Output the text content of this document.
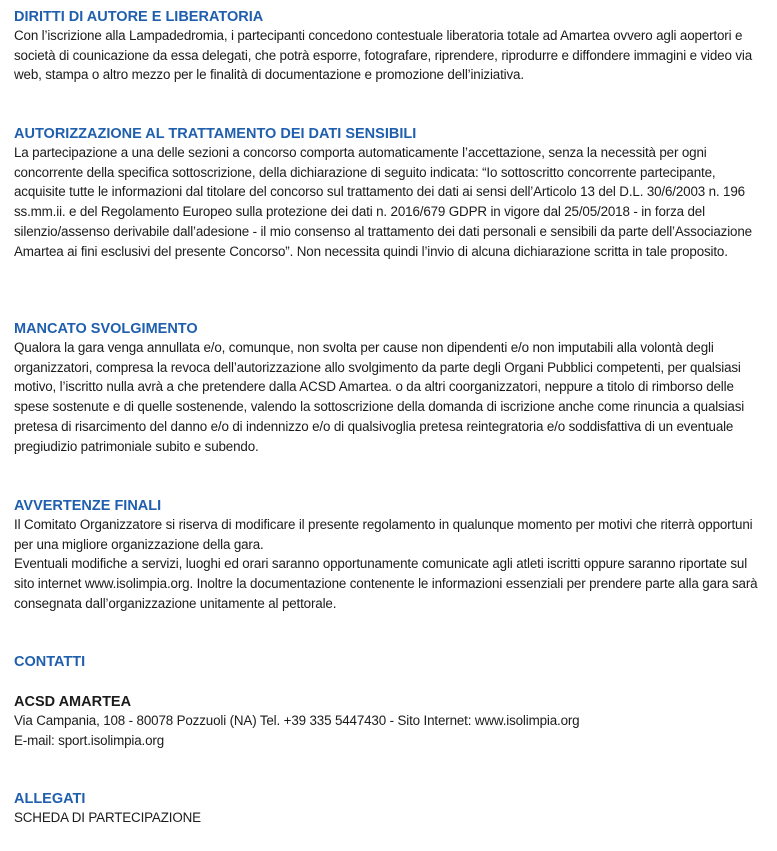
DIRITTI DI AUTORE E LIBERATORIA

Con l’iscrizione alla Lampadedromia, i partecipanti concedono contestuale liberatoria totale ad Amartea ovvero agli aopertori e società di counicazione da essa delegati, che potrà esporre, fotografare, riprendere, riprodurre e diffondere immagini e video via web, stampa o altro mezzo per le finalità di documentazione e promozione dell’iniziativa.

AUTORIZZAZIONE AL TRATTAMENTO DEI DATI SENSIBILI

La partecipazione a una delle sezioni a concorso comporta automaticamente l’accettazione, senza la necessità per ogni concorrente della specifica sottoscrizione, della dichiarazione di seguito indicata: “Io sottoscritto concorrente partecipante, acquisite tutte le informazioni dal titolare del concorso sul trattamento dei dati ai sensi dell’Articolo 13 del D.L. 30/6/2003 n. 196 ss.mm.ii. e del Regolamento Europeo sulla protezione dei dati n. 2016/679 GDPR in vigore dal 25/05/2018 - in forza del silenzio/assenso derivabile dall’adesione - il mio consenso al trattamento dei dati personali e sensibili da parte dell’Associazione Amartea ai fini esclusivi del presente Concorso”. Non necessita quindi l’invio di alcuna dichiarazione scritta in tale proposito.

MANCATO SVOLGIMENTO

Qualora la gara venga annullata e/o, comunque, non svolta per cause non dipendenti e/o non imputabili alla volontà degli organizzatori, compresa la revoca dell’autorizzazione allo svolgimento da parte degli Organi Pubblici competenti, per qualsiasi motivo, l’iscritto nulla avrà a che pretendere dalla ACSD Amartea. o da altri coorganizzatori, neppure a titolo di rimborso delle spese sostenute e di quelle sostenende, valendo la sottoscrizione della domanda di iscrizione anche come rinuncia a qualsiasi pretesa di risarcimento del danno e/o di indennizzo e/o di qualsivoglia pretesa reintegratoria e/o soddisfattiva di un eventuale pregiudizio patrimoniale subito e subendo.

AVVERTENZE FINALI

Il Comitato Organizzatore si riserva di modificare il presente regolamento in qualunque momento per motivi che riterrà opportuni per una migliore organizzazione della gara.

Eventuali modifiche a servizi, luoghi ed orari saranno opportunamente comunicate agli atleti iscritti oppure saranno riportate sul sito internet www.isolimpia.org. Inoltre la documentazione contenente le informazioni essenziali per prendere parte alla gara sarà consegnata dall’organizzazione unitamente al pettorale.

CONTATTI

ACSD AMARTEA

Via Campania, 108 - 80078 Pozzuoli (NA) Tel. +39 335 5447430 - Sito Internet: www.isolimpia.org

E-mail: sport.isolimpia.org

ALLEGATI

SCHEDA DI PARTECIPAZIONE
